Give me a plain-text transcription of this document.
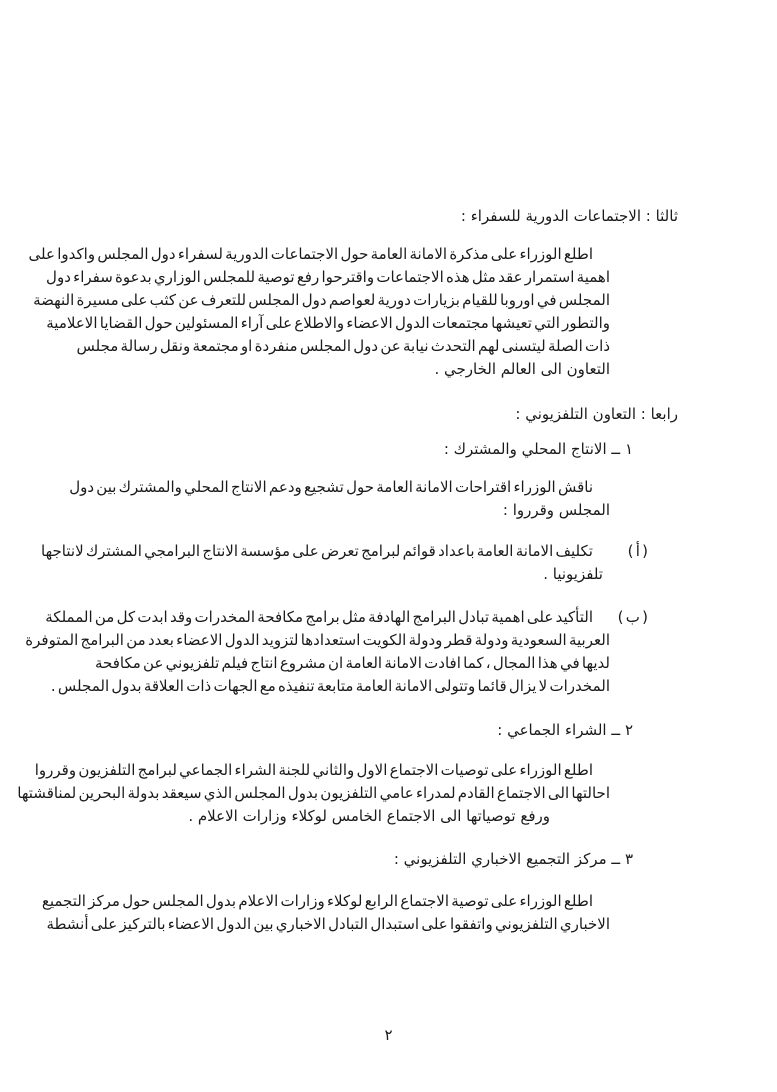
ثالثا : الاجتماعات الدورية للسفراء :
اطلع الوزراء على مذكرة الامانة العامة حول الاجتماعات الدورية لسفراء دول المجلس واكدوا على
اهمية استمرار عقد مثل هذه الاجتماعات واقترحوا رفع توصية للمجلس الوزاري بدعوة سفراء دول
المجلس في اوروبا للقيام بزيارات دورية لعواصم دول المجلس للتعرف عن كثب على مسيرة النهضة
والتطور التي تعيشها مجتمعات الدول الاعضاء والاطلاع على آراء المسئولين حول القضايا الاعلامية
ذات الصلة ليتسنى لهم التحدث نيابة عن دول المجلس منفردة او مجتمعة ونقل رسالة مجلس
التعاون الى العالم الخارجي .
رابعا : التعاون التلفزيوني :
١ ــ الانتاج المحلي والمشترك :
ناقش الوزراء اقتراحات الامانة العامة حول تشجيع ودعم الانتاج المحلي والمشترك بين دول
المجلس وقرروا :
( أ )
تكليف الامانة العامة باعداد قوائم لبرامج تعرض على مؤسسة الانتاج البرامجي المشترك لانتاجها
تلفزيونيا .
( ب )
التأكيد على اهمية تبادل البرامج الهادفة مثل برامج مكافحة المخدرات وقد ابدت كل من المملكة
العربية السعودية ودولة قطر ودولة الكويت استعدادها لتزويد الدول الاعضاء بعدد من البرامج المتوفرة
لديها في هذا المجال ، كما افادت الامانة العامة ان مشروع انتاج فيلم تلفزيوني عن مكافحة
المخدرات لا يزال قائما وتتولى الامانة العامة متابعة تنفيذه مع الجهات ذات العلاقة بدول المجلس .
٢ ــ الشراء الجماعي :
اطلع الوزراء على توصيات الاجتماع الاول والثاني للجنة الشراء الجماعي لبرامج التلفزيون وقرروا
احالتها الى الاجتماع القادم لمدراء عامي التلفزيون بدول المجلس الذي سيعقد بدولة البحرين لمناقشتها
ورفع توصياتها الى الاجتماع الخامس لوكلاء وزارات الاعلام .
٣ ــ مركز التجميع الاخباري التلفزيوني :
اطلع الوزراء على توصية الاجتماع الرابع لوكلاء وزارات الاعلام بدول المجلس حول مركز التجميع
الاخباري التلفزيوني واتفقوا على استبدال التبادل الاخباري بين الدول الاعضاء بالتركيز على أنشطة
٢
